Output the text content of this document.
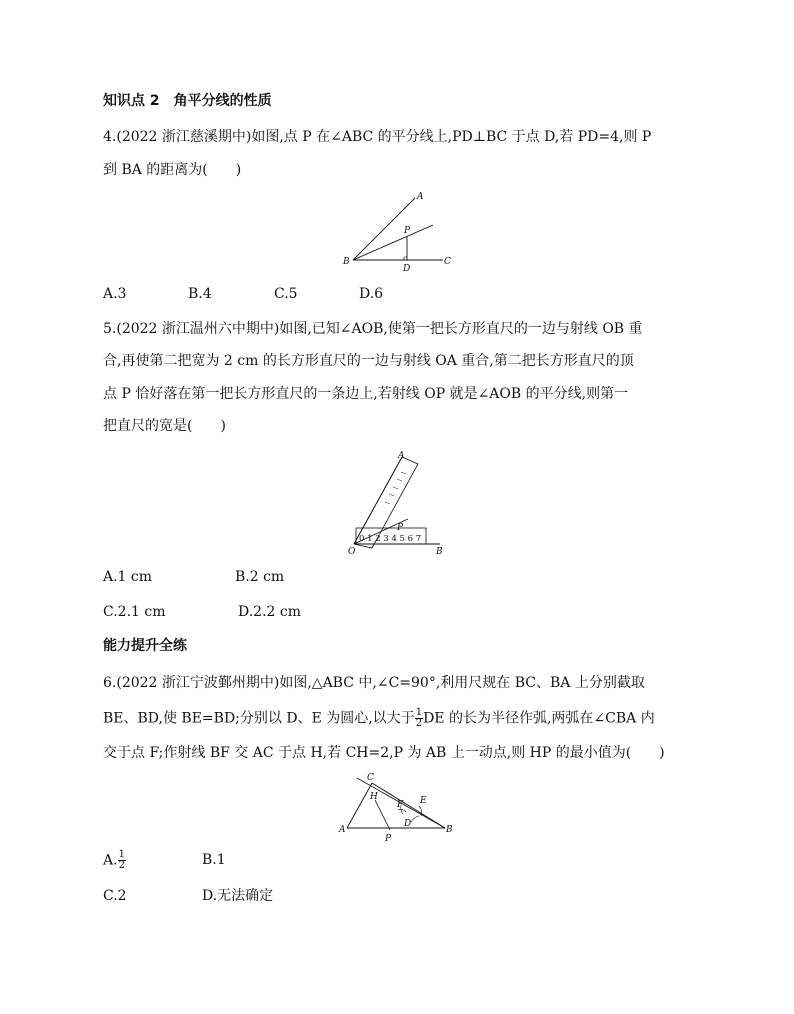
知识点 2　角平分线的性质
4.(2022 浙江慈溪期中)如图,点 P 在∠ABC 的平分线上,PD⊥BC 于点 D,若 PD=4,则 P
到 BA 的距离为(　　)
A
B
P
D
C
A.3	B.4	C.5	D.6
5.(2022 浙江温州六中期中)如图,已知∠AOB,使第一把长方形直尺的一边与射线 OB 重
合,再使第二把宽为 2 cm 的长方形直尺的一边与射线 OA 重合,第二把长方形直尺的顶
点 P 恰好落在第一把长方形直尺的一条边上,若射线 OP 就是∠AOB 的平分线,则第一
把直尺的宽是(　　)
0 1 2 3 4 5 6 7
A
P
O	B
A.1 cm	B.2 cm
C.2.1 cm	D.2.2 cm
能力提升全练
6.(2022 浙江宁波鄞州期中)如图,△ABC 中,∠C=90°,利用尺规在 BC、BA 上分别截取
BE、BD,使 BE=BD;分别以 D、E 为圆心,以大于 $\frac{1}{2}$ DE 的长为半径作弧,两弧在∠CBA 内
交于点 F;作射线 BF 交 AC 于点 H,若 CH=2,P 为 AB 上一动点,则 HP 的最小值为(　　)
C
H	E
F
A
P
D
B
A. $\frac{1}{2}$	B.1
C.2	D.无法确定
